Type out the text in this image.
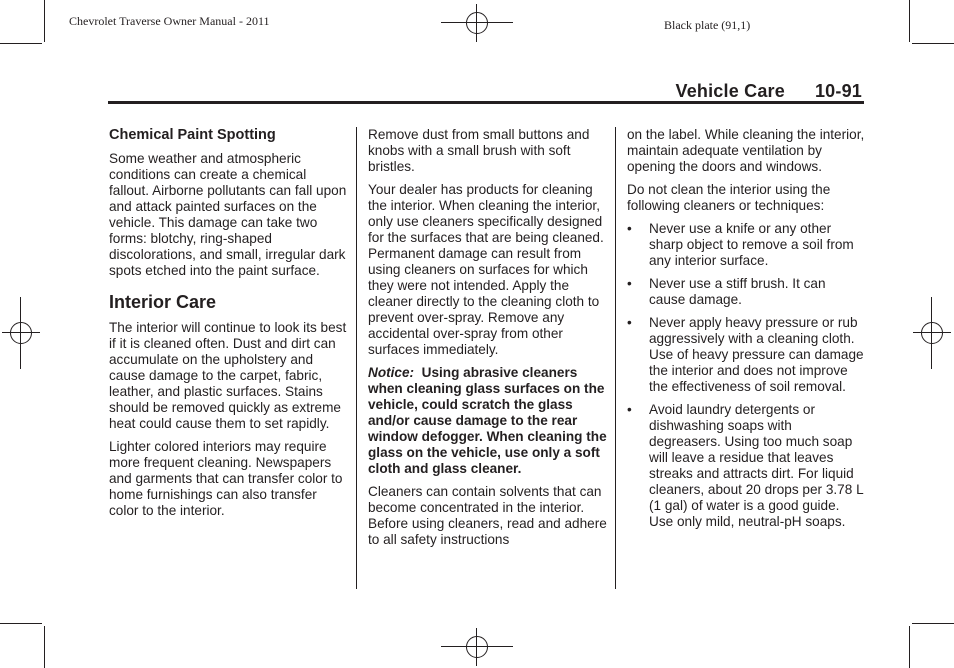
Chevrolet Traverse Owner Manual - 2011	Black plate (91,1)
Vehicle Care 10-91
Chemical Paint Spotting

Some weather and atmospheric conditions can create a chemical fallout. Airborne pollutants can fall upon and attack painted surfaces on the vehicle. This damage can take two forms: blotchy, ring-shaped discolorations, and small, irregular dark spots etched into the paint surface.

Interior Care

The interior will continue to look its best if it is cleaned often. Dust and dirt can accumulate on the upholstery and cause damage to the carpet, fabric, leather, and plastic surfaces. Stains should be removed quickly as extreme heat could cause them to set rapidly.

Lighter colored interiors may require more frequent cleaning. Newspapers and garments that can transfer color to home furnishings can also transfer color to the interior.

Remove dust from small buttons and knobs with a small brush with soft bristles.

Your dealer has products for cleaning the interior. When cleaning the interior, only use cleaners specifically designed for the surfaces that are being cleaned. Permanent damage can result from using cleaners on surfaces for which they were not intended. Apply the cleaner directly to the cleaning cloth to prevent over-spray. Remove any accidental over-spray from other surfaces immediately.

Notice: Using abrasive cleaners when cleaning glass surfaces on the vehicle, could scratch the glass and/or cause damage to the rear window defogger. When cleaning the glass on the vehicle, use only a soft cloth and glass cleaner.

Cleaners can contain solvents that can become concentrated in the interior. Before using cleaners, read and adhere to all safety instructions

on the label. While cleaning the interior, maintain adequate ventilation by opening the doors and windows.

Do not clean the interior using the following cleaners or techniques:

• Never use a knife or any other sharp object to remove a soil from any interior surface.
• Never use a stiff brush. It can cause damage.
• Never apply heavy pressure or rub aggressively with a cleaning cloth. Use of heavy pressure can damage the interior and does not improve the effectiveness of soil removal.
• Avoid laundry detergents or dishwashing soaps with degreasers. Using too much soap will leave a residue that leaves streaks and attracts dirt. For liquid cleaners, about 20 drops per 3.78 L (1 gal) of water is a good guide. Use only mild, neutral-pH soaps.
